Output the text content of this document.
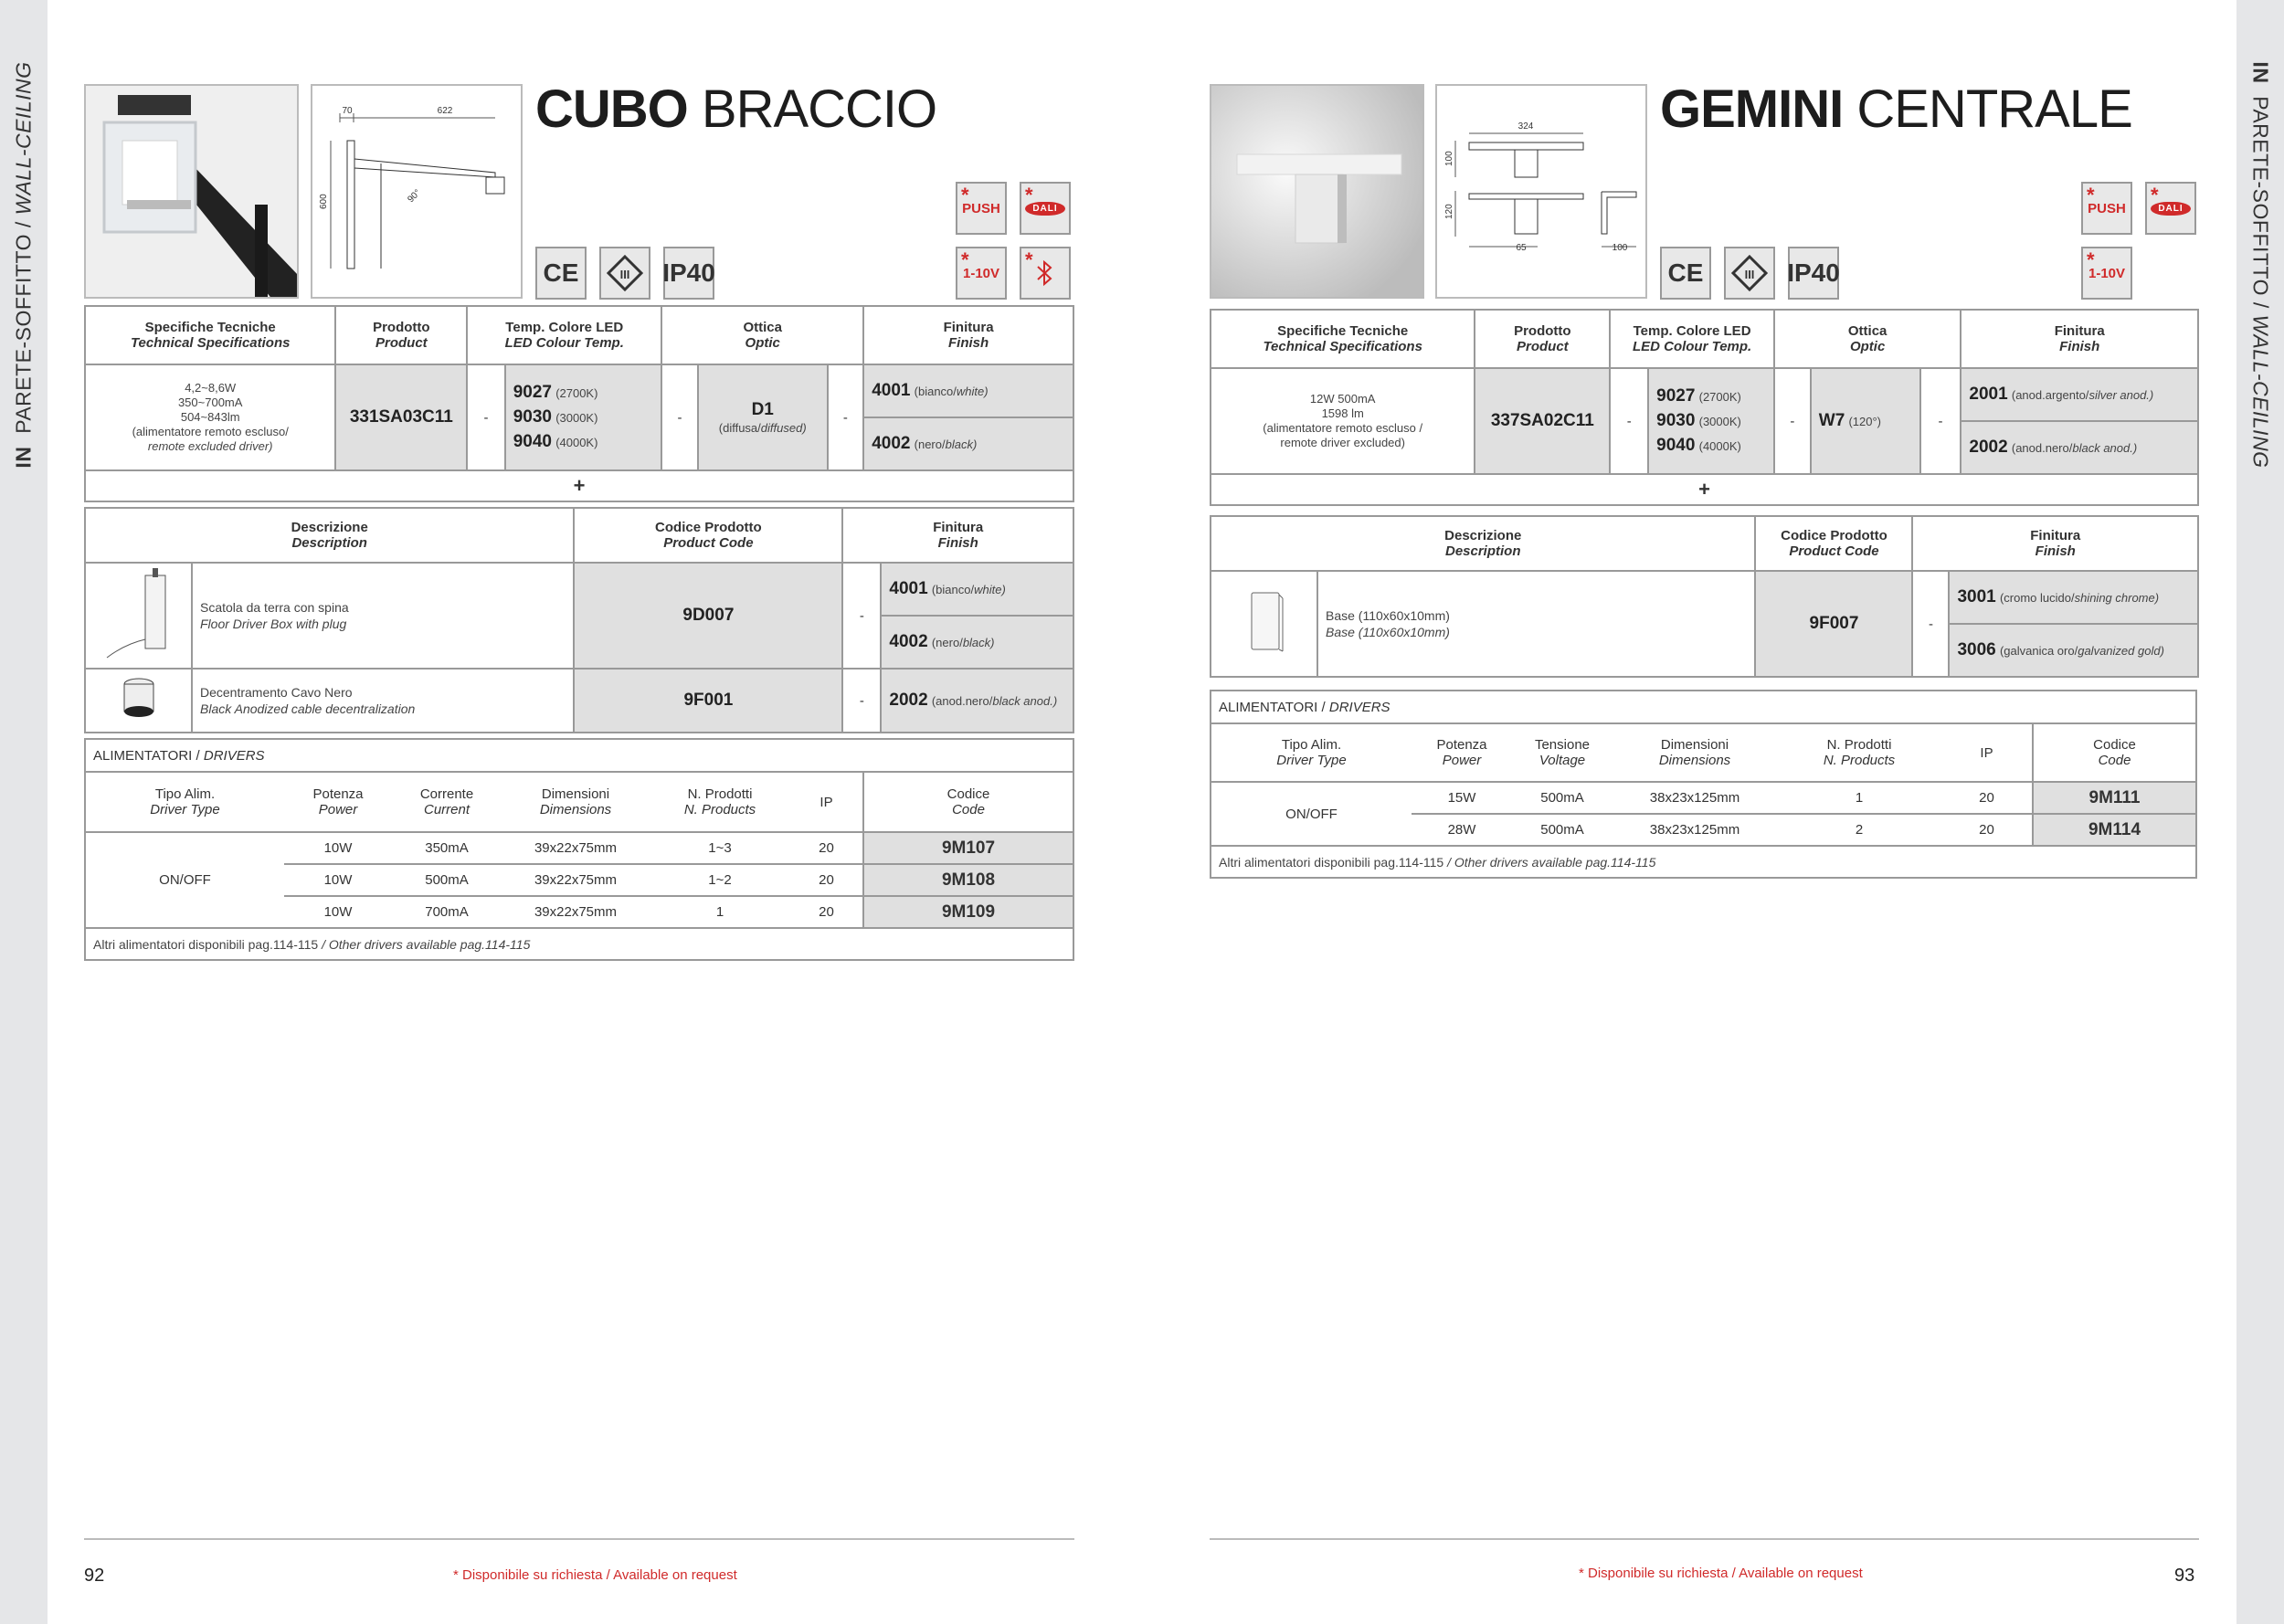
IN  PARETE-SOFFITTO / WALL-CEILING	IN  PARETE-SOFFITTO / WALL-CEILING
70	622
600	90°
CUBO BRACCIO
CE	III IP40
*
PUSH
*
DALI
*
1-10V
*
Specifiche Tecniche
Technical Specifications	Prodotto
Product	Temp. Colore LED
LED Colour Temp.		Ottica
Optic			Finitura
Finish
4,2~8,6W
350~700mA
504~843lm
(alimentatore remoto escluso/
remote excluded driver)	331SA03C11	-	9027 (2700K)
9030 (3000K)
9040 (4000K)	-	D1
(diffusa/diffused)	-	4001 (bianco/white)
							4002 (nero/black)
+							
Descrizione
Description		Codice Prodotto
Product Code	Finitura
Finish	
	Scatola da terra con spina
Floor Driver Box with plug	9D007	-	4001 (bianco/white)
				4002 (nero/black)
	Decentramento Cavo Nero
Black Anodized cable decentralization	9F001	-	2002 (anod.nero/black anod.)
ALIMENTATORI / DRIVERS						
Tipo Alim.
Driver Type	Potenza
Power	Corrente
Current	Dimensioni
Dimensions	N. Prodotti
N. Products	IP	Codice
Code
ON/OFF	10W	350mA	39x22x75mm	1~3	20	9M107
	10W	500mA	39x22x75mm	1~2	20	9M108
	10W	700mA	39x22x75mm	1	20	9M109
Altri alimentatori disponibili pag.114-115 / Other drivers available pag.114-115						
92	* Disponibile su richiesta / Available on request
324
100
120
65	100
GEMINI CENTRALE
CE	III IP40
*
PUSH
*
DALI
*
1-10V
Specifiche Tecniche
Technical Specifications	Prodotto
Product	Temp. Colore LED
LED Colour Temp.		Ottica
Optic			Finitura
Finish
12W 500mA
1598 lm
(alimentatore remoto escluso /
remote driver excluded)	337SA02C11	-	9027 (2700K)
9030 (3000K)
9040 (4000K)	-	W7 (120°)	-	2001 (anod.argento/silver anod.)
							2002 (anod.nero/black anod.)
+							
Descrizione
Description		Codice Prodotto
Product Code	Finitura
Finish	
	Base (110x60x10mm)
Base (110x60x10mm)	9F007	-	3001 (cromo lucido/shining chrome)
				3006 (galvanica oro/galvanized gold)
ALIMENTATORI / DRIVERS						
Tipo Alim.
Driver Type	Potenza
Power	Tensione
Voltage	Dimensioni
Dimensions	N. Prodotti
N. Products	IP	Codice
Code
ON/OFF	15W	500mA	38x23x125mm	1	20	9M111
	28W	500mA	38x23x125mm	2	20	9M114
Altri alimentatori disponibili pag.114-115 / Other drivers available pag.114-115						
* Disponibile su richiesta / Available on request	93
